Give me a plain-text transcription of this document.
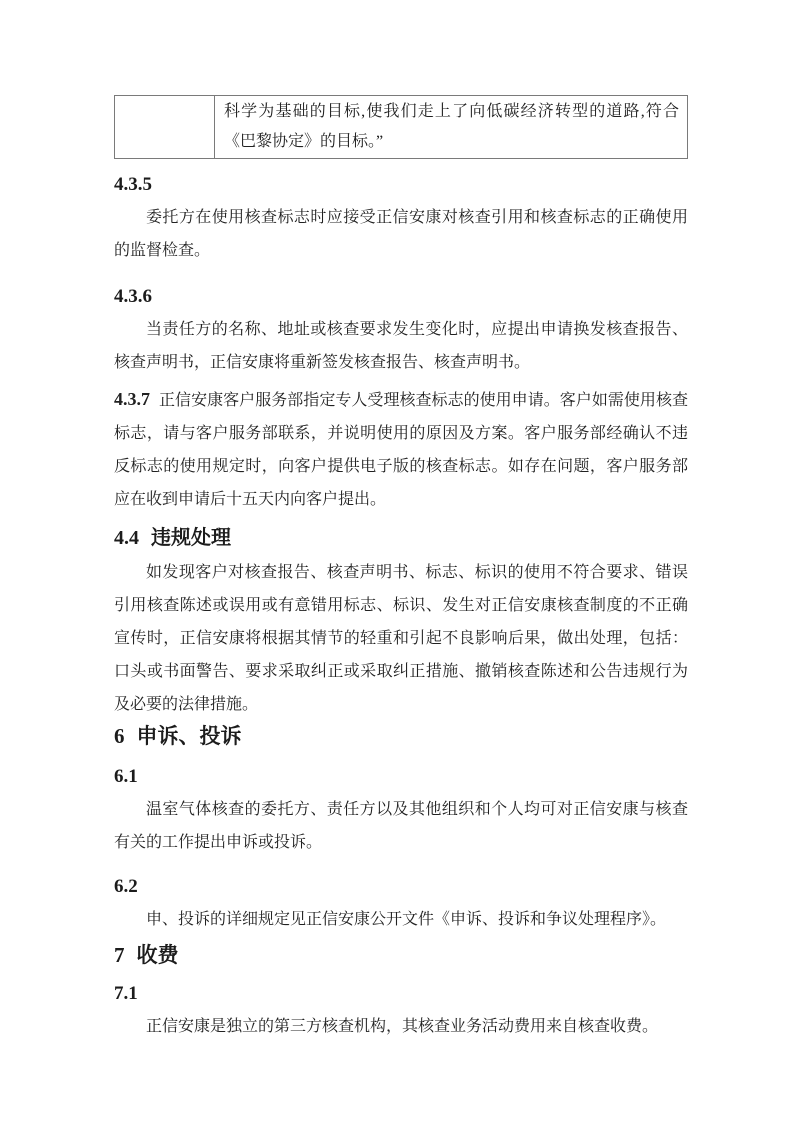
	科学为基础的目标,使我们走上了向低碳经济转型的道路,符合《巴黎协定》的目标。”
4.3.5

委托方在使用核查标志时应接受正信安康对核查引用和核查标志的正确使用的监督检查。

4.3.6

当责任方的名称、地址或核查要求发生变化时，应提出申请换发核查报告、核查声明书，正信安康将重新签发核查报告、核查声明书。

4.3.7 正信安康客户服务部指定专人受理核查标志的使用申请。客户如需使用核查标志，请与客户服务部联系，并说明使用的原因及方案。客户服务部经确认不违反标志的使用规定时，向客户提供电子版的核查标志。如存在问题，客户服务部应在收到申请后十五天内向客户提出。

4.4 违规处理

如发现客户对核查报告、核查声明书、标志、标识的使用不符合要求、错误引用核查陈述或误用或有意错用标志、标识、发生对正信安康核查制度的不正确宣传时，正信安康将根据其情节的轻重和引起不良影响后果，做出处理，包括：口头或书面警告、要求采取纠正或采取纠正措施、撤销核查陈述和公告违规行为及必要的法律措施。

6 申诉、投诉
6.1

温室气体核查的委托方、责任方以及其他组织和个人均可对正信安康与核查有关的工作提出申诉或投诉。

6.2

申、投诉的详细规定见正信安康公开文件《申诉、投诉和争议处理程序》。

7 收费
7.1

正信安康是独立的第三方核查机构，其核查业务活动费用来自核查收费。
